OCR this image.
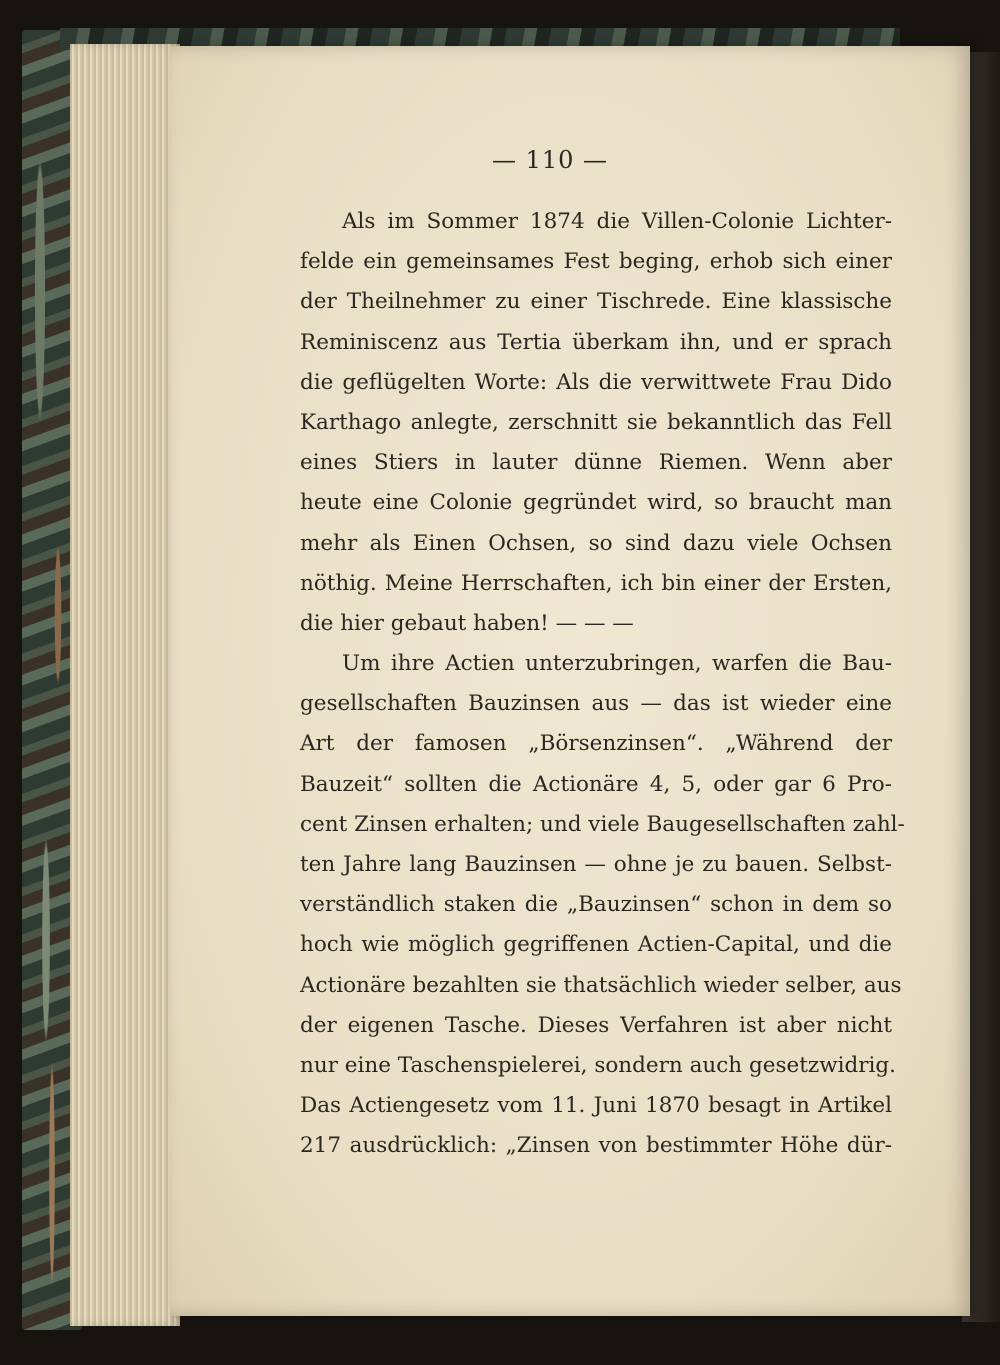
— 110 —

Als im Sommer 1874 die Villen-Colonie Lichter-
felde ein gemeinsames Fest beging, erhob sich einer
der Theilnehmer zu einer Tischrede. Eine klassische
Reminiscenz aus Tertia überkam ihn, und er sprach
die geflügelten Worte: Als die verwittwete Frau Dido
Karthago anlegte, zerschnitt sie bekanntlich das Fell
eines Stiers in lauter dünne Riemen. Wenn aber
heute eine Colonie gegründet wird, so braucht man
mehr als Einen Ochsen, so sind dazu viele Ochsen
nöthig. Meine Herrschaften, ich bin einer der Ersten,
die hier gebaut haben! — — —
Um ihre Actien unterzubringen, warfen die Bau-
gesellschaften Bauzinsen aus — das ist wieder eine
Art der famosen „Börsenzinsen“. „Während der
Bauzeit“ sollten die Actionäre 4, 5, oder gar 6 Pro-
cent Zinsen erhalten; und viele Baugesellschaften zahl-
ten Jahre lang Bauzinsen — ohne je zu bauen. Selbst-
verständlich staken die „Bauzinsen“ schon in dem so
hoch wie möglich gegriffenen Actien-Capital, und die
Actionäre bezahlten sie thatsächlich wieder selber, aus
der eigenen Tasche. Dieses Verfahren ist aber nicht
nur eine Taschenspielerei, sondern auch gesetzwidrig.
Das Actiengesetz vom 11. Juni 1870 besagt in Artikel
217 ausdrücklich: „Zinsen von bestimmter Höhe dür-
